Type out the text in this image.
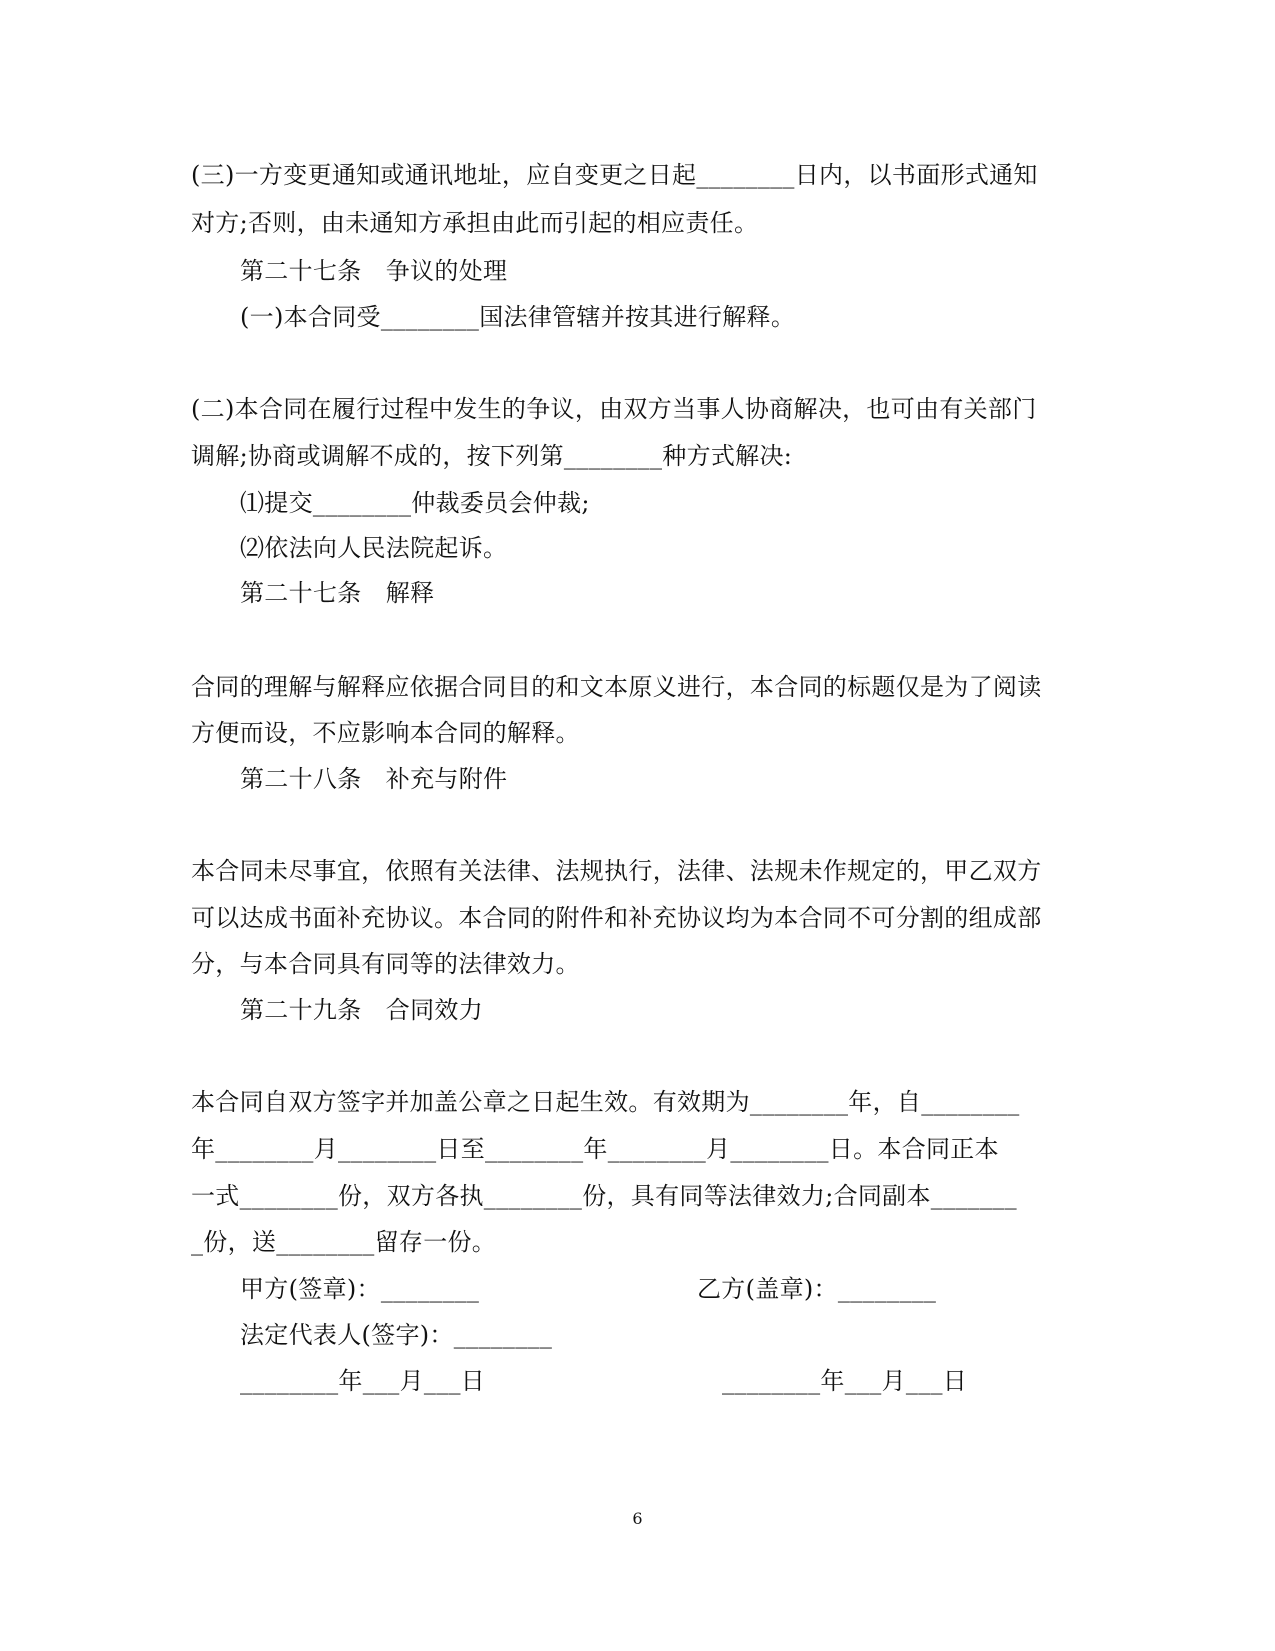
(三)一方变更通知或通讯地址，应自变更之日起________日内，以书面形式通知
对方;否则，由未通知方承担由此而引起的相应责任。
第二十七条　争议的处理
(一)本合同受________国法律管辖并按其进行解释。
(二)本合同在履行过程中发生的争议，由双方当事人协商解决，也可由有关部门
调解;协商或调解不成的，按下列第________种方式解决:
⑴提交________仲裁委员会仲裁;
⑵依法向人民法院起诉。
第二十七条　解释
合同的理解与解释应依据合同目的和文本原义进行，本合同的标题仅是为了阅读
方便而设，不应影响本合同的解释。
第二十八条　补充与附件
本合同未尽事宜，依照有关法律、法规执行，法律、法规未作规定的，甲乙双方
可以达成书面补充协议。本合同的附件和补充协议均为本合同不可分割的组成部
分，与本合同具有同等的法律效力。
第二十九条　合同效力
本合同自双方签字并加盖公章之日起生效。有效期为________年，自________
年________月________日至________年________月________日。本合同正本
一式________份，双方各执________份，具有同等法律效力;合同副本_______
_份，送________留存一份。
甲方(签章)：________	乙方(盖章)：________
法定代表人(签字)：________
________年___月___日	________年___月___日
6
